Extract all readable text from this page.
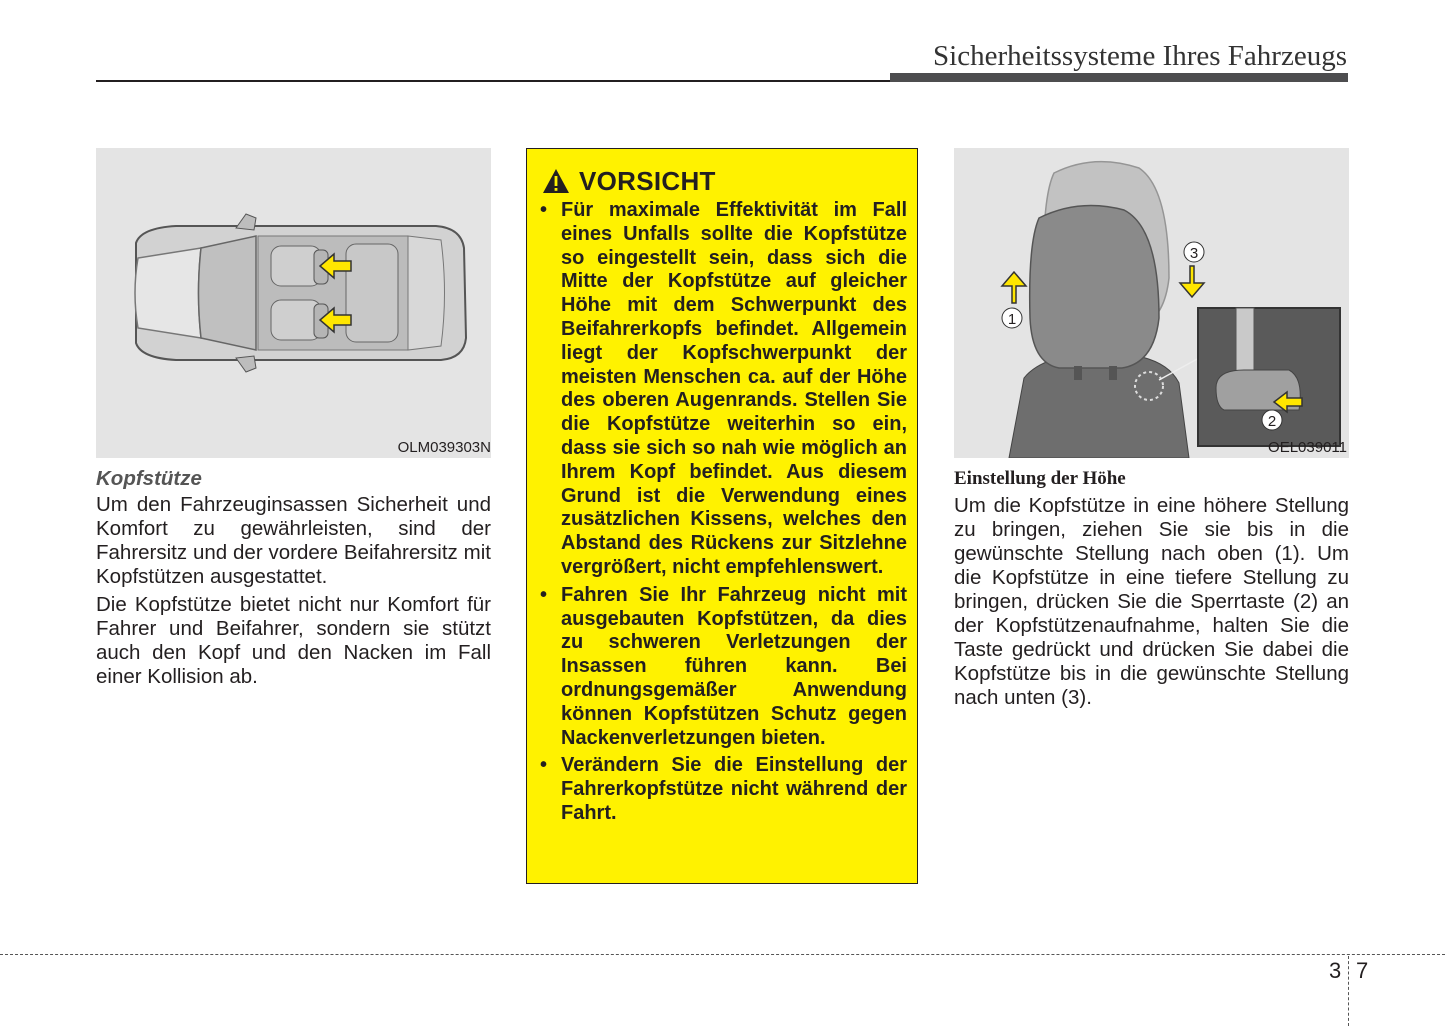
Sicherheitssysteme Ihres Fahrzeugs
OLM039303N

Kopfstütze

Um den Fahrzeuginsassen Sicherheit und Komfort zu gewährleisten, sind der Fahrersitz und der vordere Beifahrersitz mit Kopfstützen ausgestattet.

Die Kopfstütze bietet nicht nur Komfort für Fahrer und Beifahrer, sondern sie stützt auch den Kopf und den Nacken im Fall einer Kollision ab.

VORSICHT
• Für maximale Effektivität im Fall eines Unfalls sollte die Kopfstütze so eingestellt sein, dass sich die Mitte der Kopfstütze auf gleicher Höhe mit dem Schwerpunkt des Beifahrerkopfs befindet. Allgemein liegt der Kopfschwerpunkt der meisten Menschen ca. auf der Höhe des oberen Augenrands. Stellen Sie die Kopfstütze weiterhin so ein, dass sie sich so nah wie möglich an Ihrem Kopf befindet. Aus diesem Grund ist die Verwendung eines zusätzlichen Kissens, welches den Abstand des Rückens zur Sitzlehne vergrößert, nicht empfehlenswert.
• Fahren Sie Ihr Fahrzeug nicht mit ausgebauten Kopfstützen, da dies zu schweren Verletzungen der Insassen führen kann. Bei ordnungsgemäßer Anwendung können Kopfstützen Schutz gegen Nackenverletzungen bieten.
• Verändern Sie die Einstellung der Fahrerkopfstütze nicht während der Fahrt.
1
3
2
OEL039011

Einstellung der Höhe

Um die Kopfstütze in eine höhere Stellung zu bringen, ziehen Sie sie bis in die gewünschte Stellung nach oben (1). Um die Kopfstütze in eine tiefere Stellung zu bringen, drücken Sie die Sperrtaste (2) an der Kopfstützenaufnahme, halten Sie die Taste gedrückt und drücken Sie dabei die Kopfstütze bis in die gewünschte Stellung nach unten (3).

3 7
